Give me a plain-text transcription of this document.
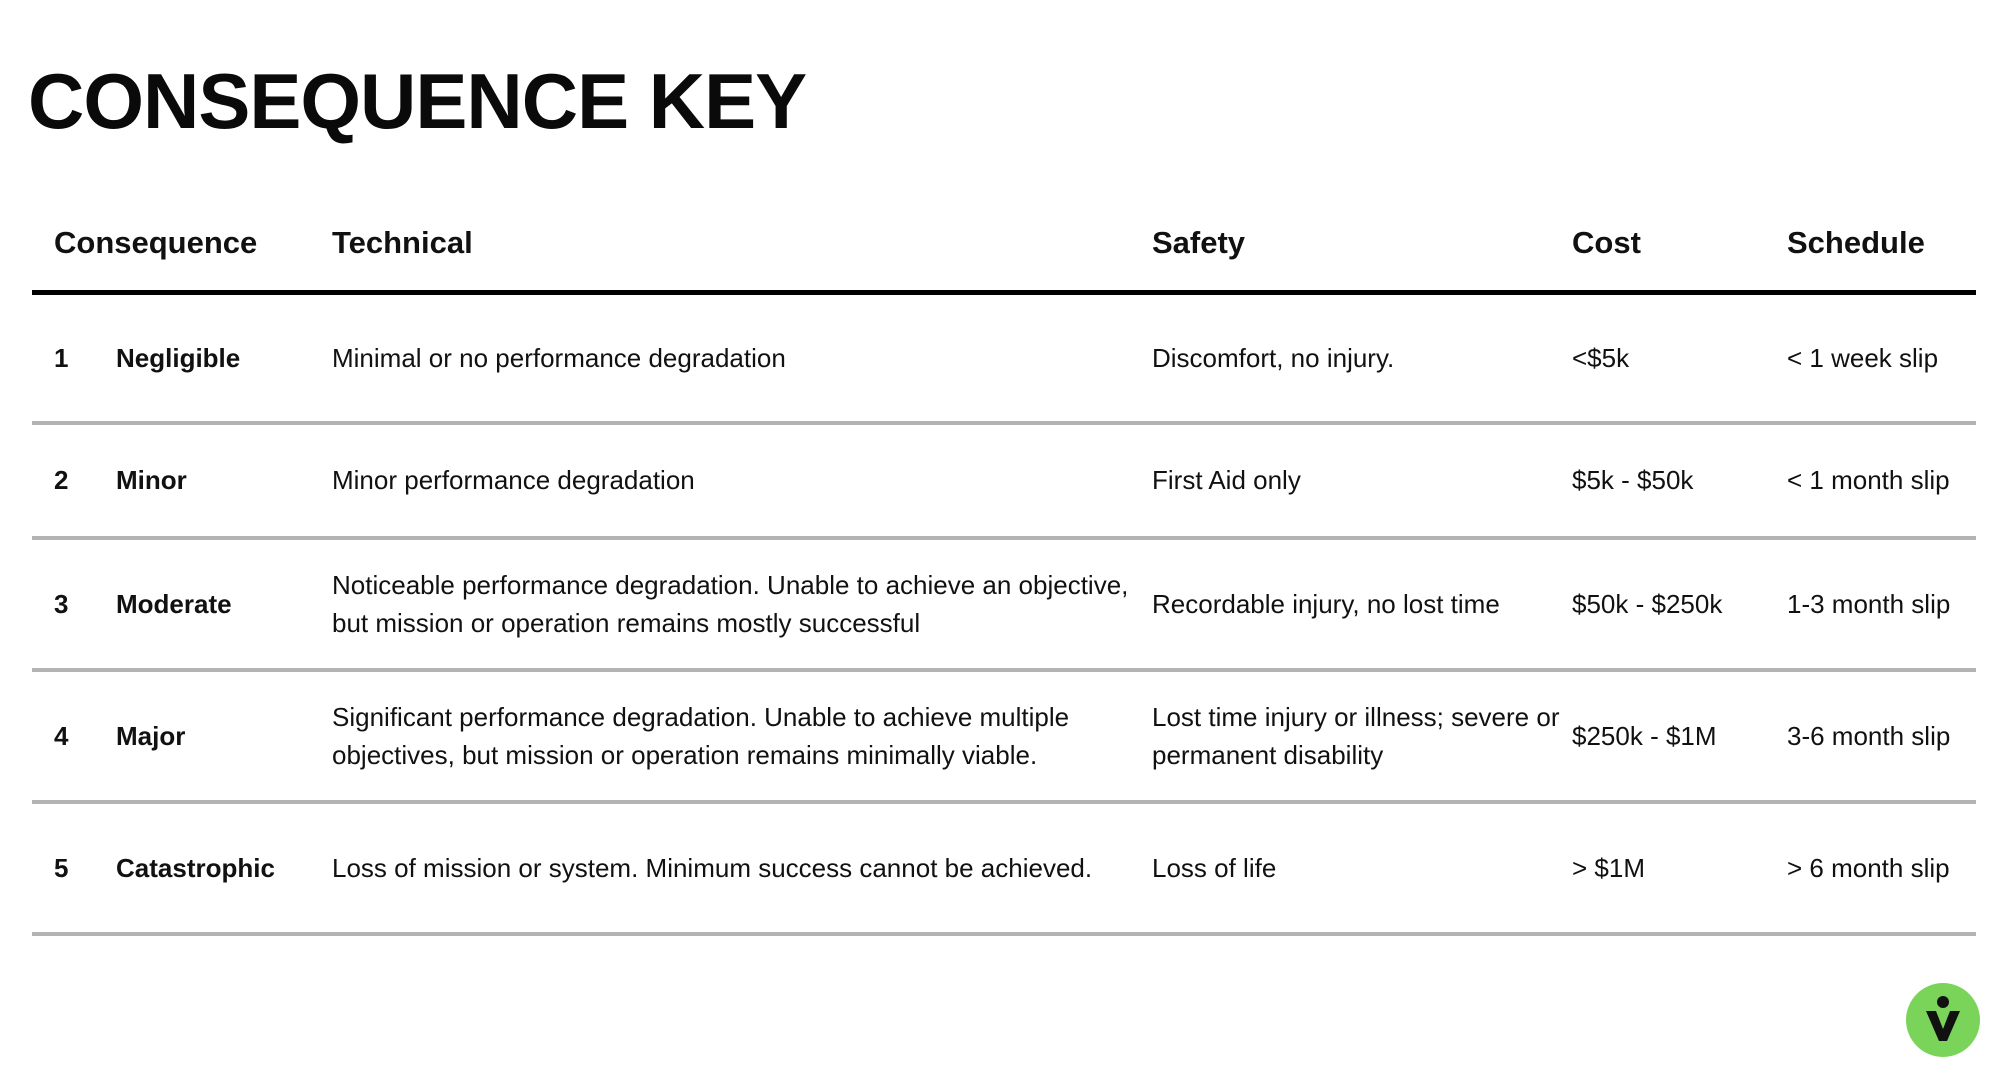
CONSEQUENCE KEY
Consequence	Technical	Safety	Cost	Schedule
1 Negligible	Minimal or no performance degradation	Discomfort, no injury.	<$5k	< 1 week slip
2 Minor	Minor performance degradation	First Aid only	$5k - $50k	< 1 month slip
3 Moderate	Noticeable performance degradation. Unable to achieve an objective, but mission or operation remains mostly successful	Recordable injury, no lost time	$50k - $250k	1-3 month slip
4 Major	Significant performance degradation. Unable to achieve multiple objectives, but mission or operation remains minimally viable.	Lost time injury or illness; severe or permanent disability	$250k - $1M	3-6 month slip
5 Catastrophic	Loss of mission or system. Minimum success cannot be achieved.	Loss of life	> $1M	> 6 month slip
